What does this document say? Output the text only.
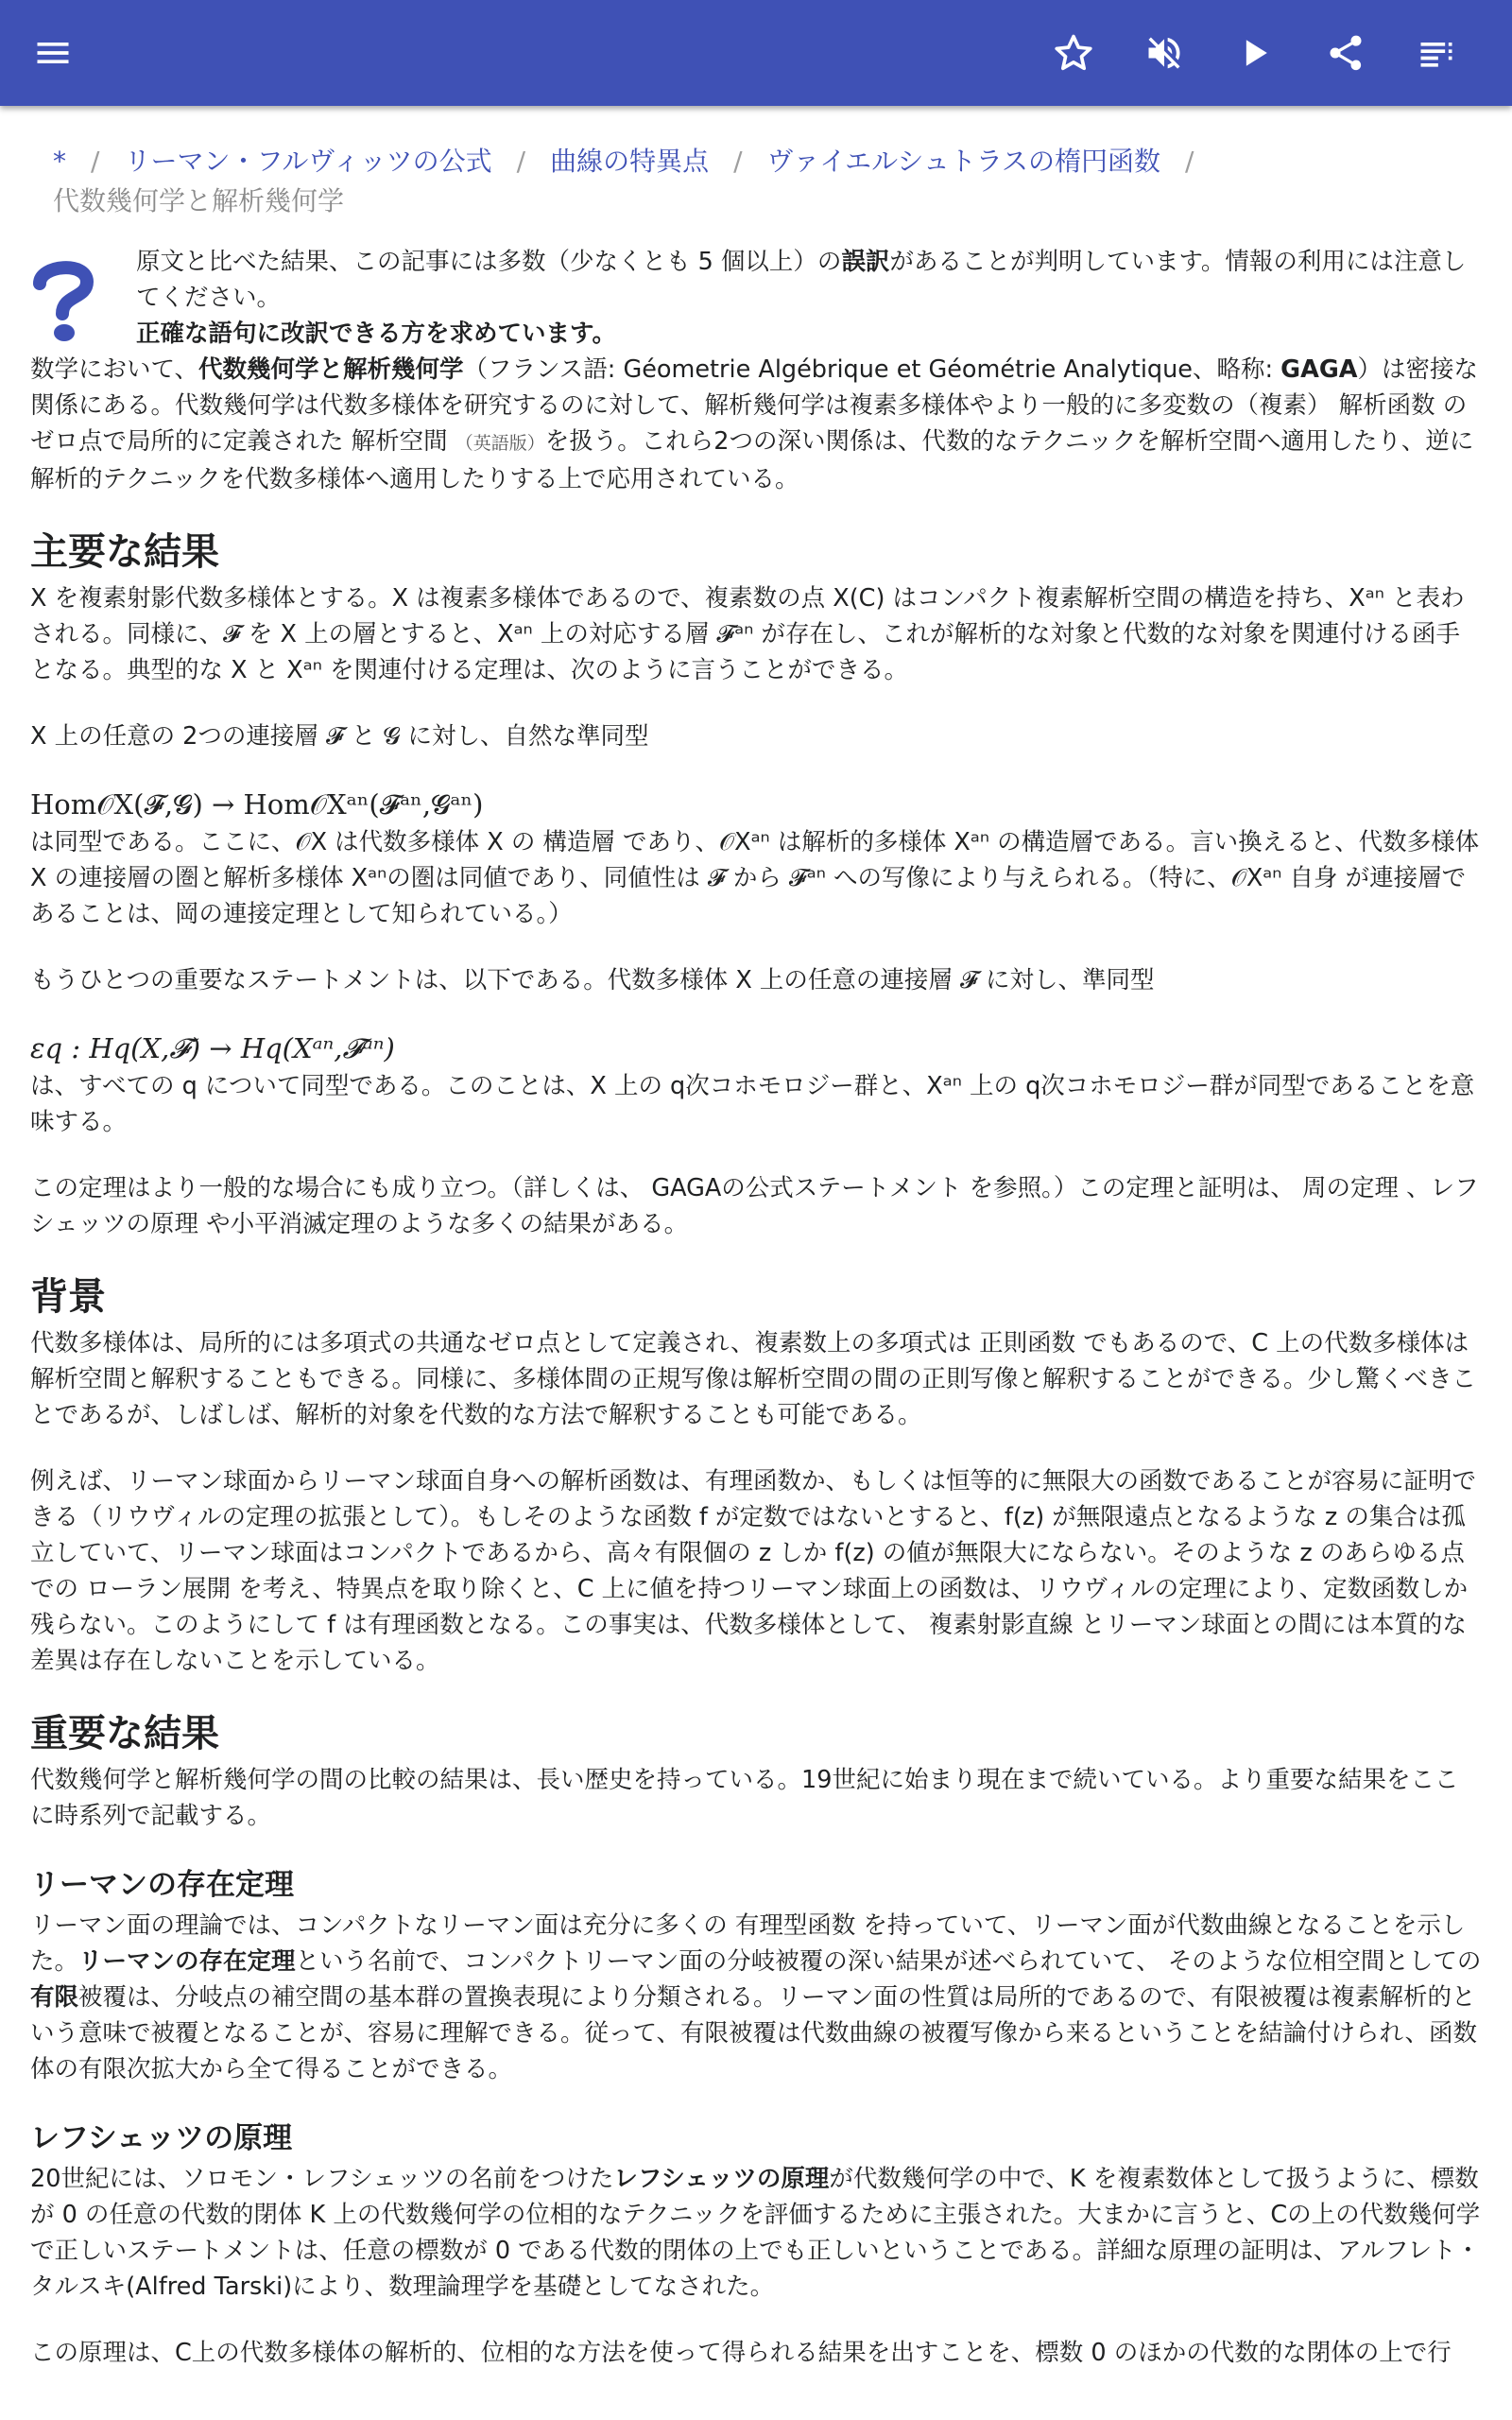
* / リーマン・フルヴィッツの公式 / 曲線の特異点 / ヴァイエルシュトラスの楕円函数 /
代数幾何学と解析幾何学

原文と比べた結果、この記事には多数（少なくとも 5 個以上）の誤訳があることが判明しています。情報の利用には注意してください。

正確な語句に改訳できる方を求めています。

数学において、代数幾何学と解析幾何学（フランス語: Géometrie Algébrique et Géométrie Analytique、略称: GAGA）は密接な関係にある。代数幾何学は代数多様体を研究するのに対して、解析幾何学は複素多様体やより一般的に多変数の（複素） 解析函数 のゼロ点で局所的に定義された 解析空間 （英語版）を扱う。これら2つの深い関係は、代数的なテクニックを解析空間へ適用したり、逆に解析的テクニックを代数多様体へ適用したりする上で応用されている。

主要な結果

X を複素射影代数多様体とする。X は複素多様体であるので、複素数の点 X(C) はコンパクト複素解析空間の構造を持ち、Xᵃⁿ と表わされる。同様に、𝓕 を X 上の層とすると、Xᵃⁿ 上の対応する層 𝓕ᵃⁿ が存在し、これが解析的な対象と代数的な対象を関連付ける函手となる。典型的な X と Xᵃⁿ を関連付ける定理は、次のように言うことができる。

X 上の任意の 2つの連接層 𝓕 と 𝓖 に対し、自然な準同型

Hom𝒪X(𝓕,𝓖) → Hom𝒪Xᵃⁿ(𝓕ᵃⁿ,𝓖ᵃⁿ)

は同型である。ここに、𝒪X は代数多様体 X の 構造層 であり、𝒪Xᵃⁿ は解析的多様体 Xᵃⁿ の構造層である。言い換えると、代数多様体 X の連接層の圏と解析多様体 Xᵃⁿの圏は同値であり、同値性は 𝓕 から 𝓕ᵃⁿ への写像により与えられる。（特に、𝒪Xᵃⁿ 自身 が連接層であることは、岡の連接定理として知られている。）

もうひとつの重要なステートメントは、以下である。代数多様体 X 上の任意の連接層 𝓕 に対し、準同型

εq : Hq(X,𝓕) → Hq(Xᵃⁿ,𝓕ᵃⁿ)

は、すべての q について同型である。このことは、X 上の q次コホモロジー群と、Xᵃⁿ 上の q次コホモロジー群が同型であることを意味する。

この定理はより一般的な場合にも成り立つ。（詳しくは、 GAGAの公式ステートメント を参照。）この定理と証明は、 周の定理 、レフシェッツの原理 や小平消滅定理のような多くの結果がある。

背景

代数多様体は、局所的には多項式の共通なゼロ点として定義され、複素数上の多項式は 正則函数 でもあるので、C 上の代数多様体は解析空間と解釈することもできる。同様に、多様体間の正規写像は解析空間の間の正則写像と解釈することができる。少し驚くべきことであるが、しばしば、解析的対象を代数的な方法で解釈することも可能である。

例えば、リーマン球面からリーマン球面自身への解析函数は、有理函数か、もしくは恒等的に無限大の函数であることが容易に証明できる（リウヴィルの定理の拡張として）。もしそのような函数 f が定数ではないとすると、f(z) が無限遠点となるような z の集合は孤立していて、リーマン球面はコンパクトであるから、高々有限個の z しか f(z) の値が無限大にならない。そのような z のあらゆる点での ローラン展開 を考え、特異点を取り除くと、C 上に値を持つリーマン球面上の函数は、リウヴィルの定理により、定数函数しか残らない。このようにして f は有理函数となる。この事実は、代数多様体として、 複素射影直線 とリーマン球面との間には本質的な差異は存在しないことを示している。

重要な結果

代数幾何学と解析幾何学の間の比較の結果は、長い歴史を持っている。19世紀に始まり現在まで続いている。より重要な結果をここに時系列で記載する。

リーマンの存在定理

リーマン面の理論では、コンパクトなリーマン面は充分に多くの 有理型函数 を持っていて、リーマン面が代数曲線となることを示した。リーマンの存在定理という名前で、コンパクトリーマン面の分岐被覆の深い結果が述べられていて、 そのような位相空間としての有限被覆は、分岐点の補空間の基本群の置換表現により分類される。リーマン面の性質は局所的であるので、有限被覆は複素解析的という意味で被覆となることが、容易に理解できる。従って、有限被覆は代数曲線の被覆写像から来るということを結論付けられ、函数体の有限次拡大から全て得ることができる。

レフシェッツの原理

20世紀には、ソロモン・レフシェッツの名前をつけたレフシェッツの原理が代数幾何学の中で、K を複素数体として扱うように、標数が 0 の任意の代数的閉体 K 上の代数幾何学の位相的なテクニックを評価するために主張された。大まかに言うと、Cの上の代数幾何学で正しいステートメントは、任意の標数が 0 である代数的閉体の上でも正しいということである。詳細な原理の証明は、アルフレト・タルスキ(Alfred Tarski)により、数理論理学を基礎としてなされた。

この原理は、C上の代数多様体の解析的、位相的な方法を使って得られる結果を出すことを、標数 0 のほかの代数的な閉体の上で行
